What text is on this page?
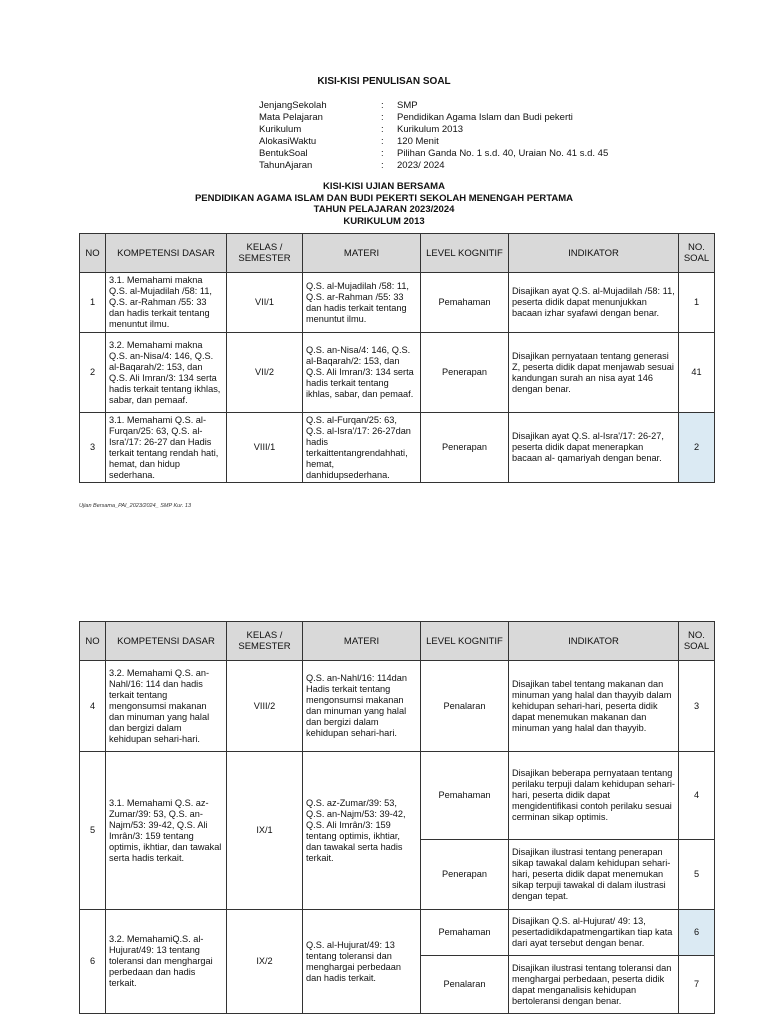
KISI-KISI PENULISAN SOAL
JenjangSekolah	:	SMP
Mata Pelajaran	:	Pendidikan Agama Islam dan Budi pekerti
Kurikulum	:	Kurikulum 2013
AlokasiWaktu	:	120 Menit
BentukSoal	:	Pilihan Ganda No. 1 s.d. 40, Uraian No. 41 s.d. 45
TahunAjaran	:	2023/ 2024
KISI-KISI UJIAN BERSAMA
PENDIDIKAN AGAMA ISLAM DAN BUDI PEKERTI SEKOLAH MENENGAH PERTAMA
TAHUN PELAJARAN 2023/2024
KURIKULUM 2013
NO	KOMPETENSI DASAR	KELAS / SEMESTER	MATERI	LEVEL KOGNITIF	INDIKATOR	NO. SOAL
1	3.1. Memahami makna Q.S. al-Mujadilah /58: 11, Q.S. ar-Rahman /55: 33 dan hadis terkait tentang menuntut ilmu.	VII/1	Q.S. al-Mujadilah /58: 11, Q.S. ar-Rahman /55: 33 dan hadis terkait tentang menuntut ilmu.	Pemahaman	Disajikan ayat Q.S. al-Mujadilah /58: 11, peserta didik dapat menunjukkan bacaan izhar syafawi dengan benar.	1
2	3.2. Memahami makna Q.S. an-Nisa/4: 146, Q.S. al-Baqarah/2: 153, dan Q.S. Ali Imran/3: 134 serta hadis terkait tentang ikhlas, sabar, dan pemaaf.	VII/2	Q.S. an-Nisa/4: 146, Q.S. al-Baqarah/2: 153, dan Q.S. Ali Imran/3: 134 serta hadis terkait tentang ikhlas, sabar, dan pemaaf.	Penerapan	Disajikan pernyataan tentang generasi Z, peserta didik dapat menjawab sesuai kandungan surah an nisa ayat 146 dengan benar.	41
3	3.1. Memahami Q.S. al-Furqan/25: 63, Q.S. al-Isra'/17: 26-27 dan Hadis terkait tentang rendah hati, hemat, dan hidup sederhana.	VIII/1	Q.S. al-Furqan/25: 63, Q.S. al-Isra'/17: 26-27dan hadis terkaittentangrendahhati, hemat, danhidupsederhana.	Penerapan	Disajikan ayat Q.S. al-Isra'/17: 26-27, peserta didik dapat menerapkan bacaan al- qamariyah dengan benar.	2
Ujian Bersama_PAI_2023/2024_ SMP Kur. 13
NO	KOMPETENSI DASAR	KELAS / SEMESTER	MATERI	LEVEL KOGNITIF	INDIKATOR	NO. SOAL
4	3.2. Memahami Q.S. an-Nahl/16: 114 dan hadis terkait tentang mengonsumsi makanan dan minuman yang halal dan bergizi dalam kehidupan sehari-hari.	VIII/2	Q.S. an-Nahl/16: 114dan Hadis terkait tentang mengonsumsi makanan dan minuman yang halal dan bergizi dalam kehidupan sehari-hari.	Penalaran	Disajikan tabel tentang makanan dan minuman yang halal dan thayyib dalam kehidupan sehari-hari, peserta didik dapat menemukan makanan dan minuman yang halal dan thayyib.	3
5	3.1. Memahami Q.S. az-Zumar/39: 53, Q.S. an-Najm/53: 39-42, Q.S. Ali Imrân/3: 159 tentang optimis, ikhtiar, dan tawakal serta hadis terkait.	IX/1	Q.S. az-Zumar/39: 53, Q.S. an-Najm/53: 39-42, Q.S. Ali Imrân/3: 159 tentang optimis, ikhtiar, dan tawakal serta hadis terkait.	Pemahaman	Disajikan beberapa pernyataan tentang perilaku terpuji dalam kehidupan sehari-hari, peserta didik dapat mengidentifikasi contoh perilaku sesuai cerminan sikap optimis.	4
				Penerapan	Disajikan ilustrasi tentang penerapan sikap tawakal dalam kehidupan sehari-hari, peserta didik dapat menemukan sikap terpuji tawakal di dalam ilustrasi dengan tepat.	5
6	3.2. MemahamiQ.S. al-Hujurat/49: 13 tentang toleransi dan menghargai perbedaan dan hadis terkait.	IX/2	Q.S. al-Hujurat/49: 13 tentang toleransi dan menghargai perbedaan dan hadis terkait.	Pemahaman	Disajikan Q.S. al-Hujurat/ 49: 13, pesertadidikdapatmengartikan tiap kata dari ayat tersebut dengan benar.	6
				Penalaran	Disajikan ilustrasi tentang toleransi dan menghargai perbedaan, peserta didik dapat menganalisis kehidupan bertoleransi dengan benar.	7
